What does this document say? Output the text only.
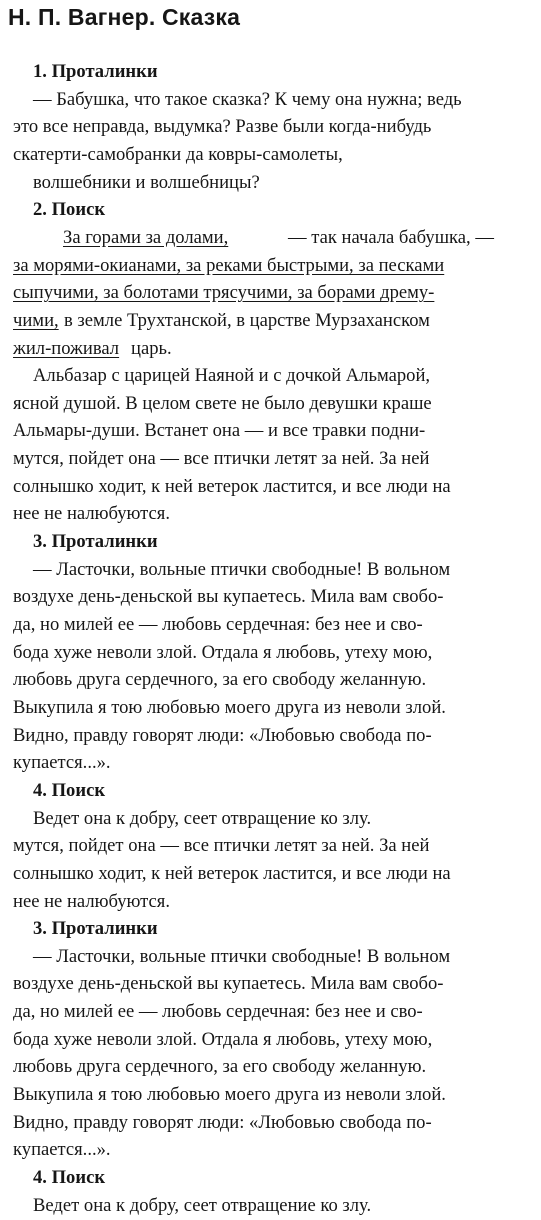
Н. П. Вагнер. Сказка
1. Проталинки
— Бабушка, что такое сказка? К чему она нужна; ведь
это все неправда, выдумка? Разве были когда-нибудь
скатерти-самобранки да ковры-самолеты,
волшебники и волшебницы?
2. Поиск
За горами за долами,	— так начала бабушка, —
за морями-окианами, за реками быстрыми, за песками
сыпучими, за болотами трясучими, за борами дрему-
чими, в земле Трухтанской, в царстве Мурзаханском
жил-поживал царь.
Альбазар с царицей Наяной и с дочкой Альмарой,
ясной душой. В целом свете не было девушки краше
Альмары-души. Встанет она — и все травки подни-
мутся, пойдет она — все птички летят за ней. За ней
солнышко ходит, к ней ветерок ластится, и все люди на
нее не налюбуются.
3. Проталинки
— Ласточки, вольные птички свободные! В вольном
воздухе день-деньской вы купаетесь. Мила вам свобо-
да, но милей ее — любовь сердечная: без нее и сво-
бода хуже неволи злой. Отдала я любовь, утеху мою,
любовь друга сердечного, за его свободу желанную.
Выкупила я тою любовью моего друга из неволи злой.
Видно, правду говорят люди: «Любовью свобода по-
купается...».
4. Поиск
Ведет она к добру, сеет отвращение ко злу.
мутся, пойдет она — все птички летят за ней. За ней
солнышко ходит, к ней ветерок ластится, и все люди на
нее не налюбуются.
3. Проталинки
— Ласточки, вольные птички свободные! В вольном
воздухе день-деньской вы купаетесь. Мила вам свобо-
да, но милей ее — любовь сердечная: без нее и сво-
бода хуже неволи злой. Отдала я любовь, утеху мою,
любовь друга сердечного, за его свободу желанную.
Выкупила я тою любовью моего друга из неволи злой.
Видно, правду говорят люди: «Любовью свобода по-
купается...».
4. Поиск
Ведет она к добру, сеет отвращение ко злу.
